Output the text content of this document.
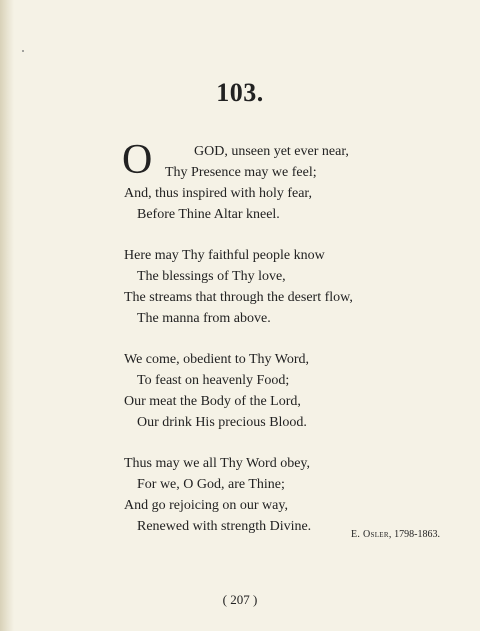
103.
O	GOD, unseen yet ever near,
Thy Presence may we feel;
And, thus inspired with holy fear,
Before Thine Altar kneel.
Here may Thy faithful people know
The blessings of Thy love,
The streams that through the desert flow,
The manna from above.
We come, obedient to Thy Word,
To feast on heavenly Food;
Our meat the Body of the Lord,
Our drink His precious Blood.
Thus may we all Thy Word obey,
For we, O God, are Thine;
And go rejoicing on our way,
Renewed with strength Divine.
E. Osler, 1798-1863.
( 207 )
